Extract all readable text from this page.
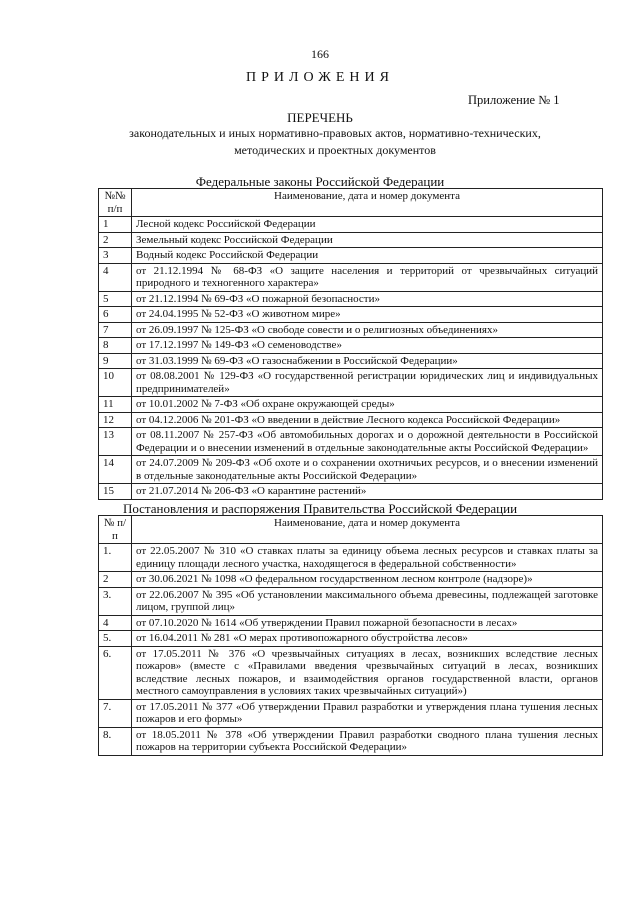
166
ПРИЛОЖЕНИЯ
Приложение № 1
ПЕРЕЧЕНЬ
законодательных и иных нормативно-правовых актов, нормативно-технических, методических и проектных документов
Федеральные законы Российской Федерации
№№ п/п	Наименование, дата и номер документа
1	Лесной кодекс Российской Федерации
2	Земельный кодекс Российской Федерации
3	Водный кодекс Российской Федерации
4	от 21.12.1994 № 68-ФЗ «О защите населения и территорий от чрезвычайных ситуаций природного и техногенного характера»
5	от 21.12.1994 № 69-ФЗ «О пожарной безопасности»
6	от 24.04.1995 № 52-ФЗ «О животном мире»
7	от 26.09.1997 № 125-ФЗ «О свободе совести и о религиозных объединениях»
8	от 17.12.1997 № 149-ФЗ «О семеноводстве»
9	от 31.03.1999 № 69-ФЗ «О газоснабжении в Российской Федерации»
10	от 08.08.2001 № 129-ФЗ «О государственной регистрации юридических лиц и индивидуальных предпринимателей»
11	от 10.01.2002 № 7-ФЗ «Об охране окружающей среды»
12	от 04.12.2006 № 201-ФЗ «О введении в действие Лесного кодекса Российской Федерации»
13	от 08.11.2007 № 257-ФЗ «Об автомобильных дорогах и о дорожной деятельности в Российской Федерации и о внесении изменений в отдельные законодательные акты Российской Федерации»
14	от 24.07.2009 № 209-ФЗ «Об охоте и о сохранении охотничьих ресурсов, и о внесении изменений в отдельные законодательные акты Российской Федерации»
15	от 21.07.2014 № 206-ФЗ «О карантине растений»
Постановления и распоряжения Правительства Российской Федерации
№ п/п	Наименование, дата и номер документа
1.	от 22.05.2007 № 310 «О ставках платы за единицу объема лесных ресурсов и ставках платы за единицу площади лесного участка, находящегося в федеральной собственности»
2	от 30.06.2021 № 1098 «О федеральном государственном лесном контроле (надзоре)»
3.	от 22.06.2007 № 395 «Об установлении максимального объема древесины, подлежащей заготовке лицом, группой лиц»
4	от 07.10.2020 № 1614 «Об утверждении Правил пожарной безопасности в лесах»
5.	от 16.04.2011 № 281 «О мерах противопожарного обустройства лесов»
6.	от 17.05.2011 № 376 «О чрезвычайных ситуациях в лесах, возникших вследствие лесных пожаров» (вместе с «Правилами введения чрезвычайных ситуаций в лесах, возникших вследствие лесных пожаров, и взаимодействия органов государственной власти, органов местного самоуправления в условиях таких чрезвычайных ситуаций»)
7.	от 17.05.2011 № 377 «Об утверждении Правил разработки и утверждения плана тушения лесных пожаров и его формы»
8.	от 18.05.2011 № 378 «Об утверждении Правил разработки сводного плана тушения лесных пожаров на территории субъекта Российской Федерации»
